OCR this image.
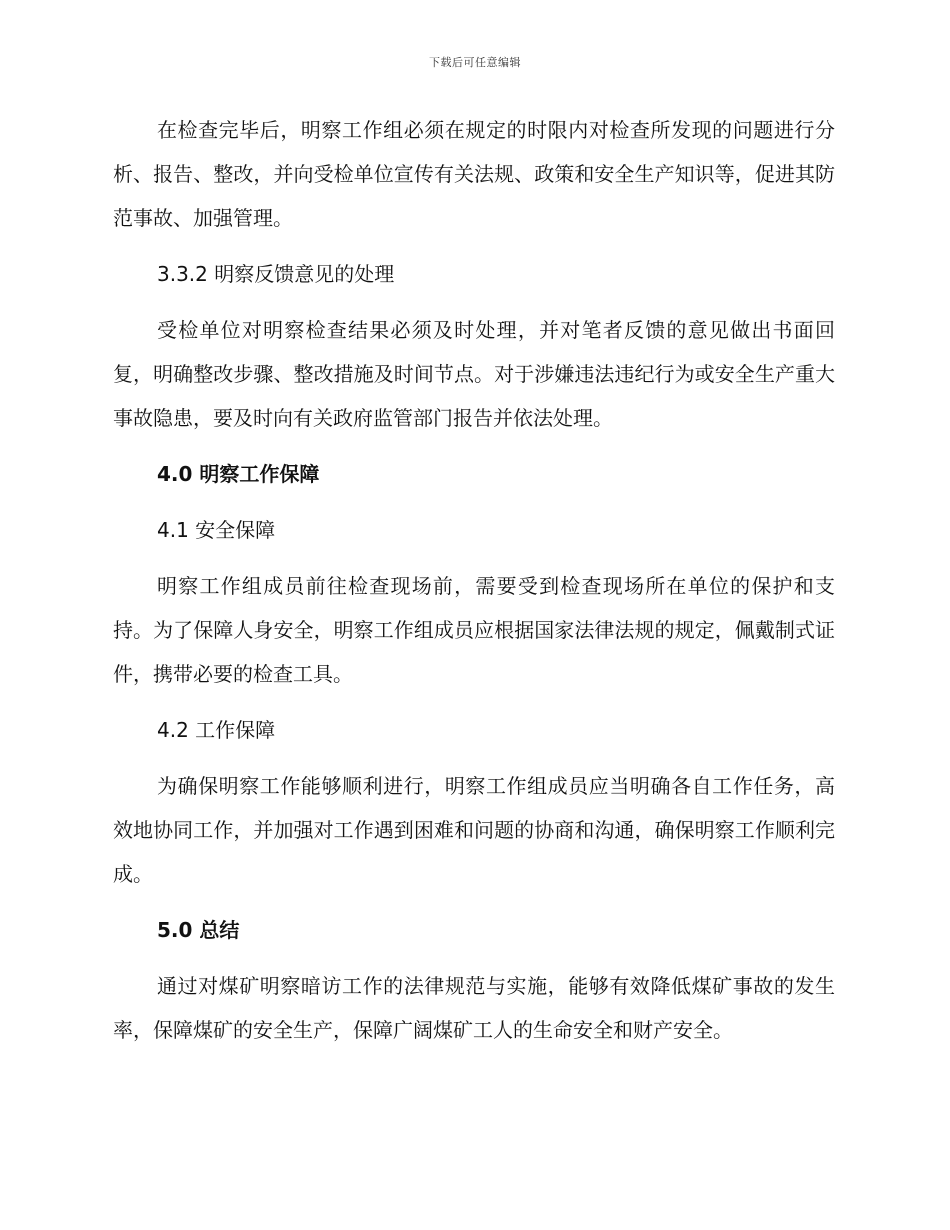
下载后可任意编辑

在检查完毕后，明察工作组必须在规定的时限内对检查所发现的问题进行分析、报告、整改，并向受检单位宣传有关法规、政策和安全生产知识等，促进其防范事故、加强管理。

3.3.2 明察反馈意见的处理

受检单位对明察检查结果必须及时处理，并对笔者反馈的意见做出书面回复，明确整改步骤、整改措施及时间节点。对于涉嫌违法违纪行为或安全生产重大事故隐患，要及时向有关政府监管部门报告并依法处理。

4.0 明察工作保障
4.1 安全保障

明察工作组成员前往检查现场前，需要受到检查现场所在单位的保护和支持。为了保障人身安全，明察工作组成员应根据国家法律法规的规定，佩戴制式证件，携带必要的检查工具。

4.2 工作保障

为确保明察工作能够顺利进行，明察工作组成员应当明确各自工作任务，高效地协同工作，并加强对工作遇到困难和问题的协商和沟通，确保明察工作顺利完成。

5.0 总结

通过对煤矿明察暗访工作的法律规范与实施，能够有效降低煤矿事故的发生率，保障煤矿的安全生产，保障广阔煤矿工人的生命安全和财产安全。
